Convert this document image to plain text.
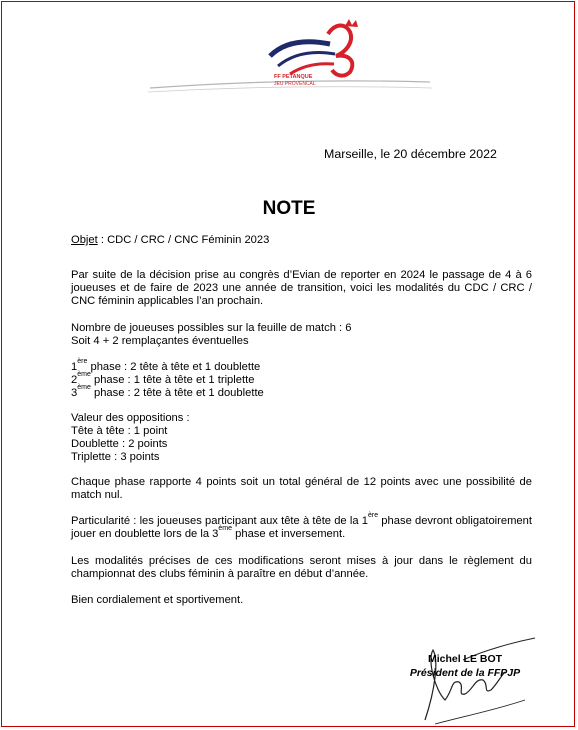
FF PETANQUE
JEU PROVENCAL

Marseille, le 20 décembre 2022

NOTE

Objet : CDC / CRC / CNC Féminin 2023

Par suite de la décision prise au congrès d’Evian de reporter en 2024 le passage de 4 à 6 joueuses et de faire de 2023 une année de transition, voici les modalités du CDC / CRC / CNC féminin applicables l’an prochain.

Nombre de joueuses possibles sur la feuille de match : 6

Soit 4 + 2 remplaçantes éventuelles

1ère phase : 2 tête à tête et 1 doublette

2ème phase : 1 tête à tête et 1 triplette

3ème phase : 2 tête à tête et 1 doublette

Valeur des oppositions :

Tête à tête : 1 point

Doublette : 2 points

Triplette : 3 points

Chaque phase rapporte 4 points soit un total général de 12 points avec une possibilité de match nul.

Particularité : les joueuses participant aux tête à tête de la 1ère phase devront obligatoirement jouer en doublette lors de la 3ème phase et inversement.

Les modalités précises de ces modifications seront mises à jour dans le règlement du championnat des clubs féminin à paraître en début d’année.

Bien cordialement et sportivement.

Michel LE BOT

Président de la FFPJP
